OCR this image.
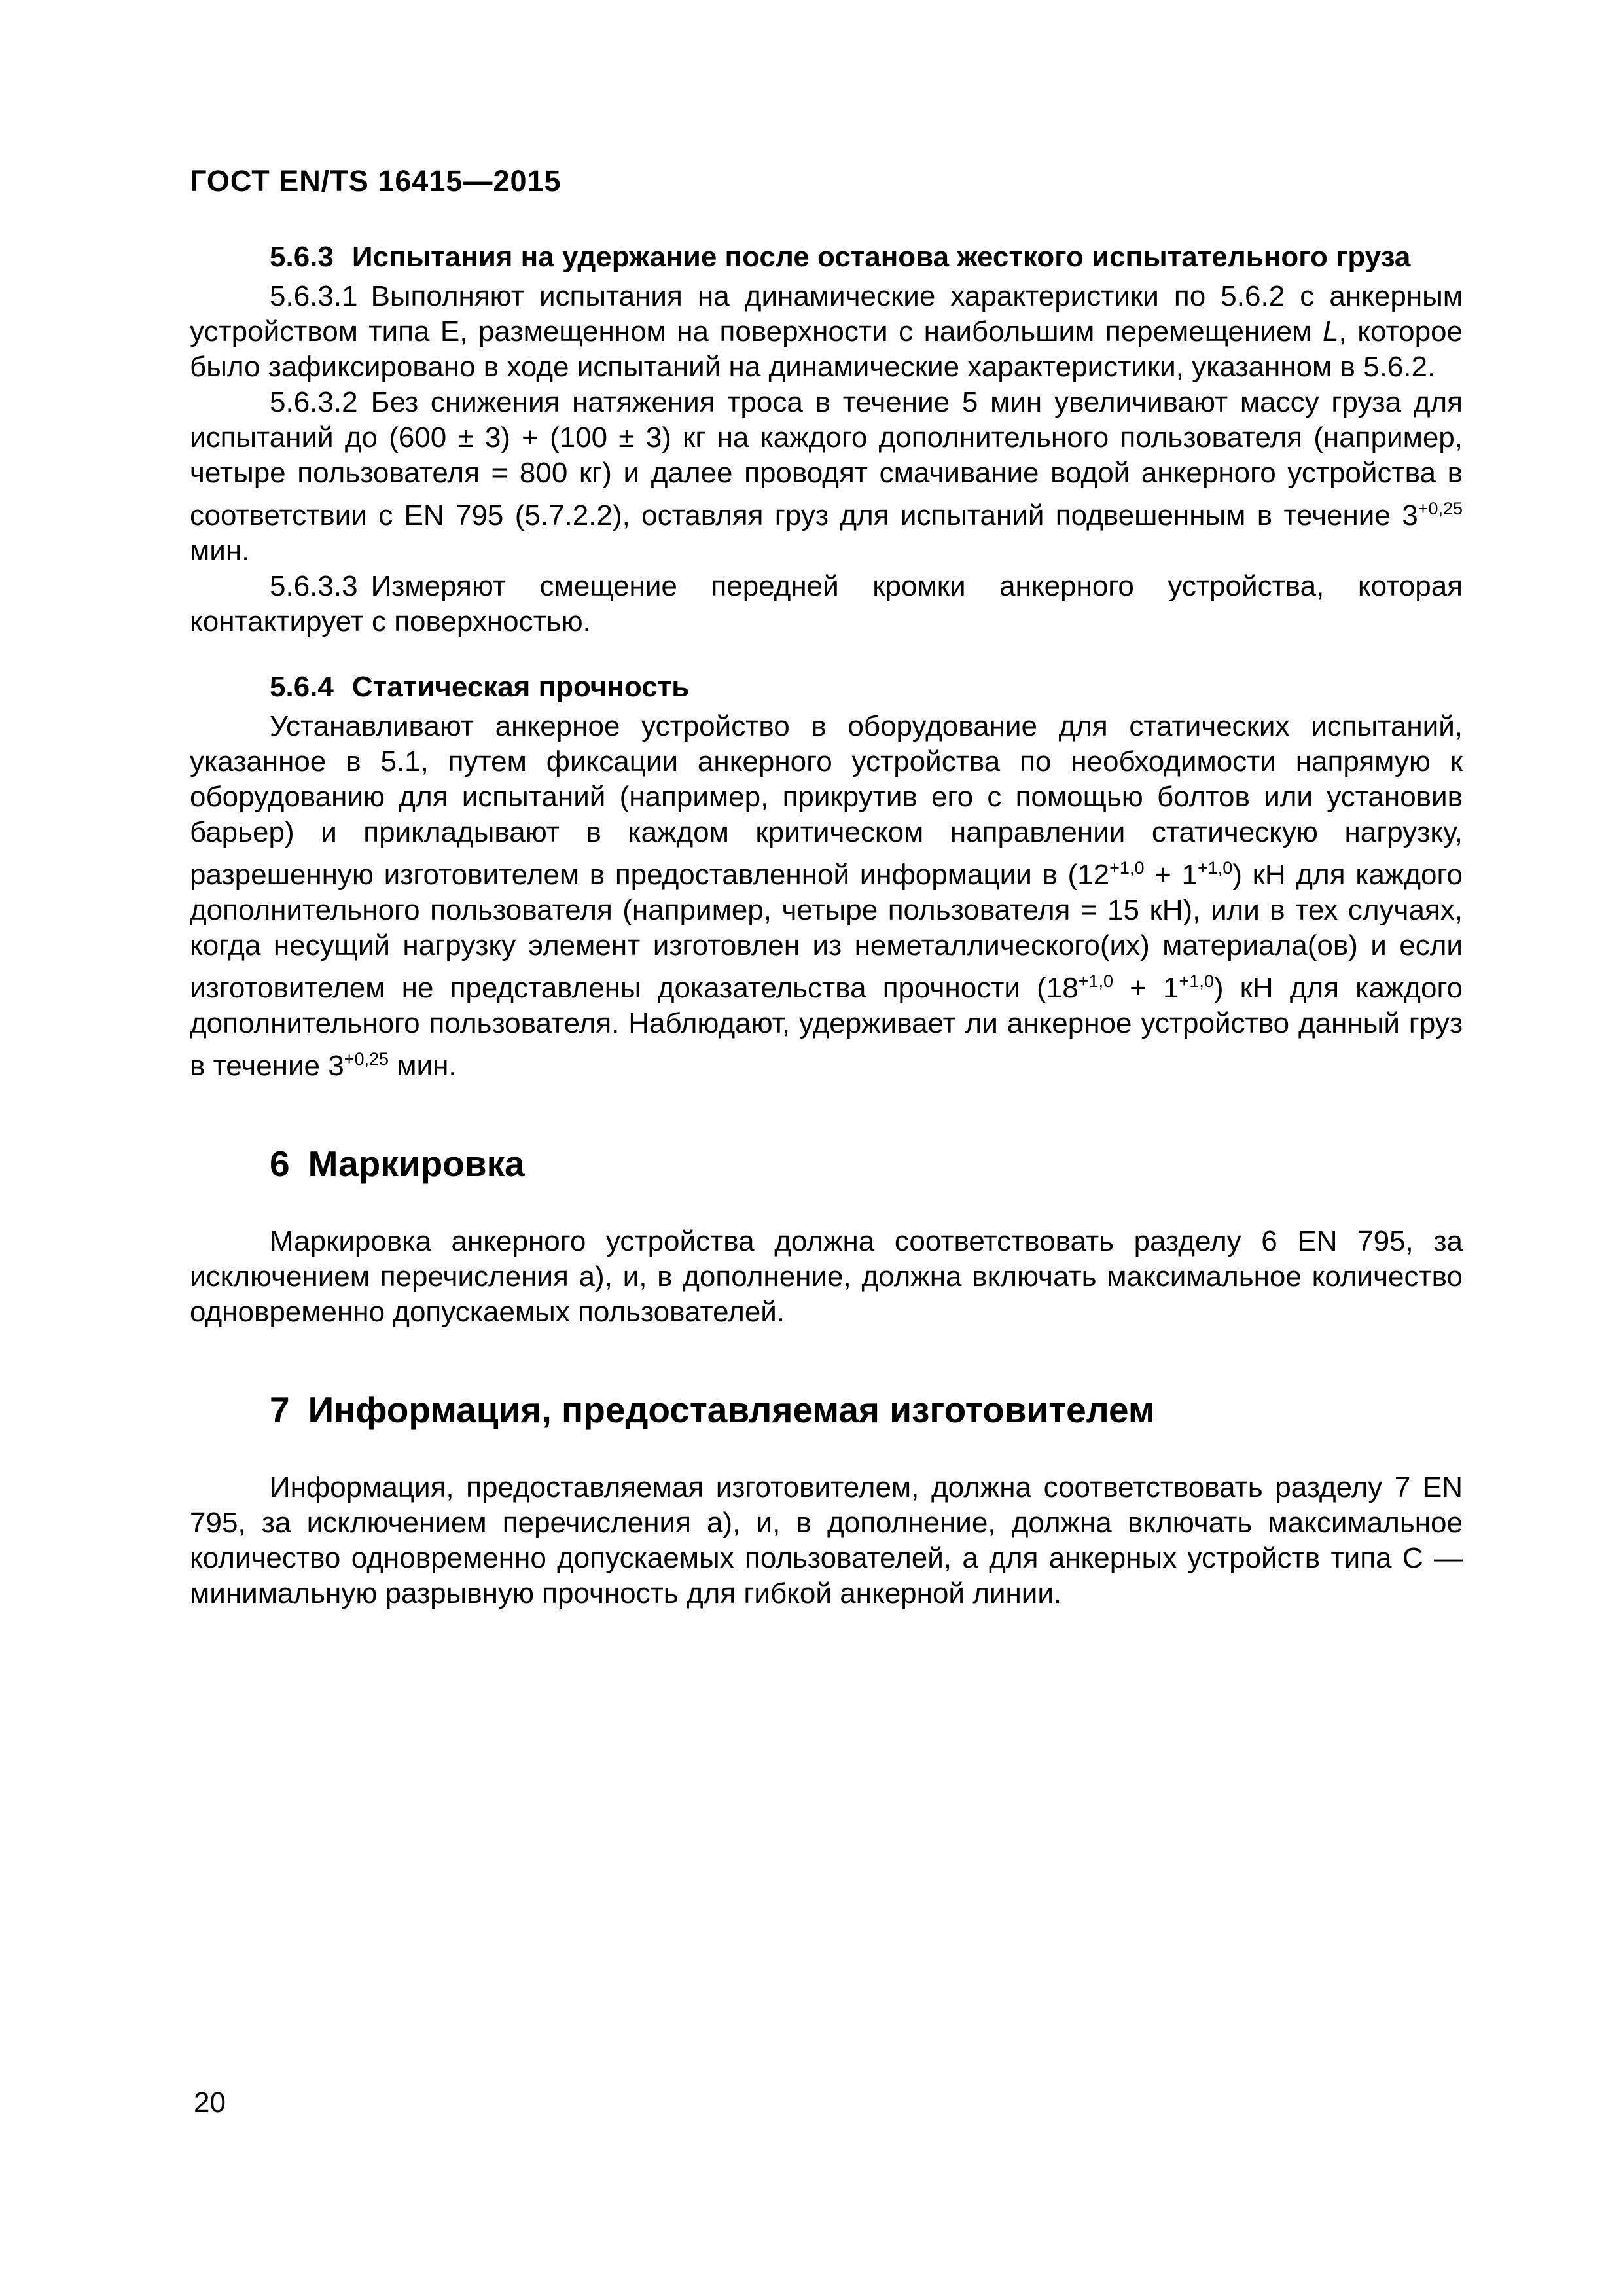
ГОСТ EN/TS 16415—2015
5.6.3 Испытания на удержание после останова жесткого испытательного груза

5.6.3.1 Выполняют испытания на динамические характеристики по 5.6.2 с анкерным устройством типа Е, размещенном на поверхности с наибольшим перемещением L, которое было зафиксировано в ходе испытаний на динамические характеристики, указанном в 5.6.2.

5.6.3.2 Без снижения натяжения троса в течение 5 мин увеличивают массу груза для испытаний до (600 ± 3) + (100 ± 3) кг на каждого дополнительного пользователя (например, четыре пользователя = 800 кг) и далее проводят смачивание водой анкерного устройства в соответствии с EN 795 (5.7.2.2), оставляя груз для испытаний подвешенным в течение $3^{+0,25}$ мин.

5.6.3.3 Измеряют смещение передней кромки анкерного устройства, которая контактирует с поверхностью.

5.6.4 Статическая прочность

Устанавливают анкерное устройство в оборудование для статических испытаний, указанное в 5.1, путем фиксации анкерного устройства по необходимости напрямую к оборудованию для испытаний (например, прикрутив его с помощью болтов или установив барьер) и прикладывают в каждом критическом направлении статическую нагрузку, разрешенную изготовителем в предоставленной информации в $(12^{+1,0} + 1^{+1,0})$ кН для каждого дополнительного пользователя (например, четыре пользователя = 15 кН), или в тех случаях, когда несущий нагрузку элемент изготовлен из неметаллического(их) материала(ов) и если изготовителем не представлены доказательства прочности $(18^{+1,0} + 1^{+1,0})$ кН для каждого дополнительного пользователя. Наблюдают, удерживает ли анкерное устройство данный груз в течение $3^{+0,25}$ мин.

6 Маркировка

Маркировка анкерного устройства должна соответствовать разделу 6 EN 795, за исключением перечисления а), и, в дополнение, должна включать максимальное количество одновременно допускаемых пользователей.

7 Информация, предоставляемая изготовителем

Информация, предоставляемая изготовителем, должна соответствовать разделу 7 EN 795, за исключением перечисления а), и, в дополнение, должна включать максимальное количество одновременно допускаемых пользователей, а для анкерных устройств типа С — минимальную разрывную прочность для гибкой анкерной линии.

20
